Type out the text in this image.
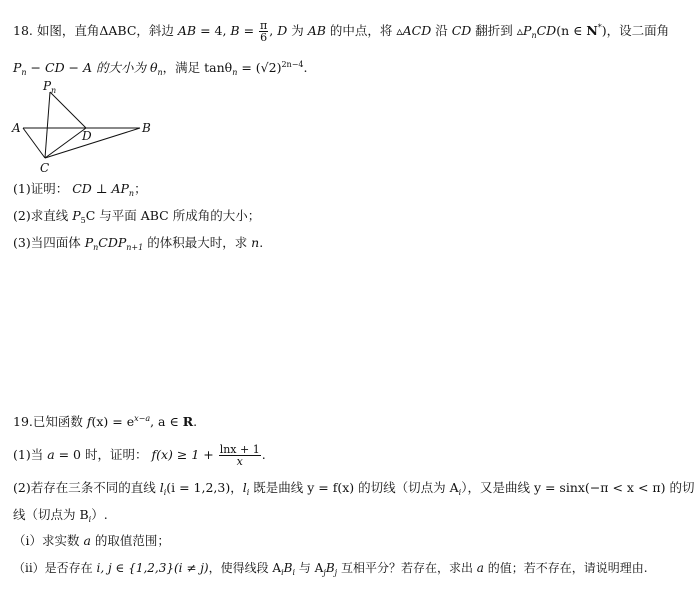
18. 如图，直角ΔABC，斜边 AB = 4, $B = \frac{\pi}{6}$ , D 为 AB 的中点，将 ▵ACD 沿 CD 翻折到 $▵P_nCD(n$ ∈ N*)，设二面角
$P_n$ − CD − A 的大小为 $\theta_n$，满足 $\tan\theta_n = (√2)^{2n-4}$.
P n
A
D
B
C
(1)证明： CD ⊥ $AP_n$；
(2)求直线 $P_5C$ 与平面 ABC 所成角的大小；
(3)当四面体 $P_nCDP_{n+1}$ 的体积最大时，求 n.
19.已知函数 $f(x) = e^{x-a}$, a ∈ R.
(1)当 a = 0 时，证明： $f(x) \ge 1 + \frac{\ln x + 1}{x}$ .
(2)若存在三条不同的直线 $l_i(i = 1,2,3)$，$l_i$ 既是曲线 y = f(x) 的切线（切点为 $A_i$），又是曲线 y = sinx(−π < x < π) 的切
线（切点为 $B_i$）.
（i）求实数 a 的取值范围；
（ii）是否存在 i, j ∈ {1,2,3}(i ≠ j)，使得线段 $A_iB_i$ 与 $A_jB_j$ 互相平分？若存在，求出 a 的值；若不存在，请说明理由.
